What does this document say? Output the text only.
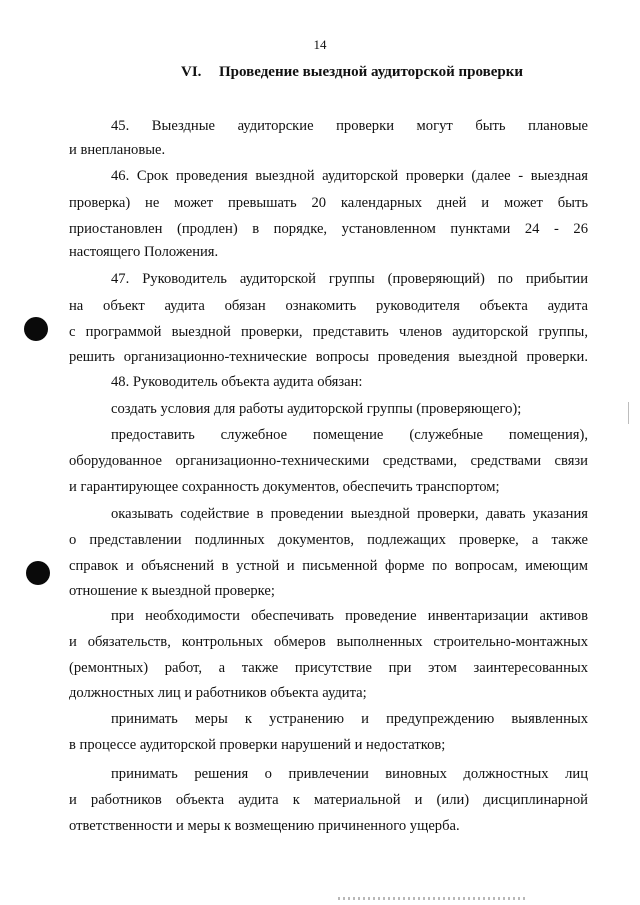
14
VI. Проведение выездной аудиторской проверки
45. Выездные аудиторские проверки могут быть плановые
и внеплановые.
46. Срок проведения выездной аудиторской проверки (далее - выездная
проверка) не может превышать 20 календарных дней и может быть
приостановлен (продлен) в порядке, установленном пунктами 24 - 26
настоящего Положения.
47. Руководитель аудиторской группы (проверяющий) по прибытии
на объект аудита обязан ознакомить руководителя объекта аудита
с программой выездной проверки, представить членов аудиторской группы,
решить организационно-технические вопросы проведения выездной проверки.
48. Руководитель объекта аудита обязан:
создать условия для работы аудиторской группы (проверяющего);
предоставить служебное помещение (служебные помещения),
оборудованное организационно-техническими средствами, средствами связи
и гарантирующее сохранность документов, обеспечить транспортом;
оказывать содействие в проведении выездной проверки, давать указания
о представлении подлинных документов, подлежащих проверке, а также
справок и объяснений в устной и письменной форме по вопросам, имеющим
отношение к выездной проверке;
при необходимости обеспечивать проведение инвентаризации активов
и обязательств, контрольных обмеров выполненных строительно-монтажных
(ремонтных) работ, а также присутствие при этом заинтересованных
должностных лиц и работников объекта аудита;
принимать меры к устранению и предупреждению выявленных
в процессе аудиторской проверки нарушений и недостатков;
принимать решения о привлечении виновных должностных лиц
и работников объекта аудита к материальной и (или) дисциплинарной
ответственности и меры к возмещению причиненного ущерба.
